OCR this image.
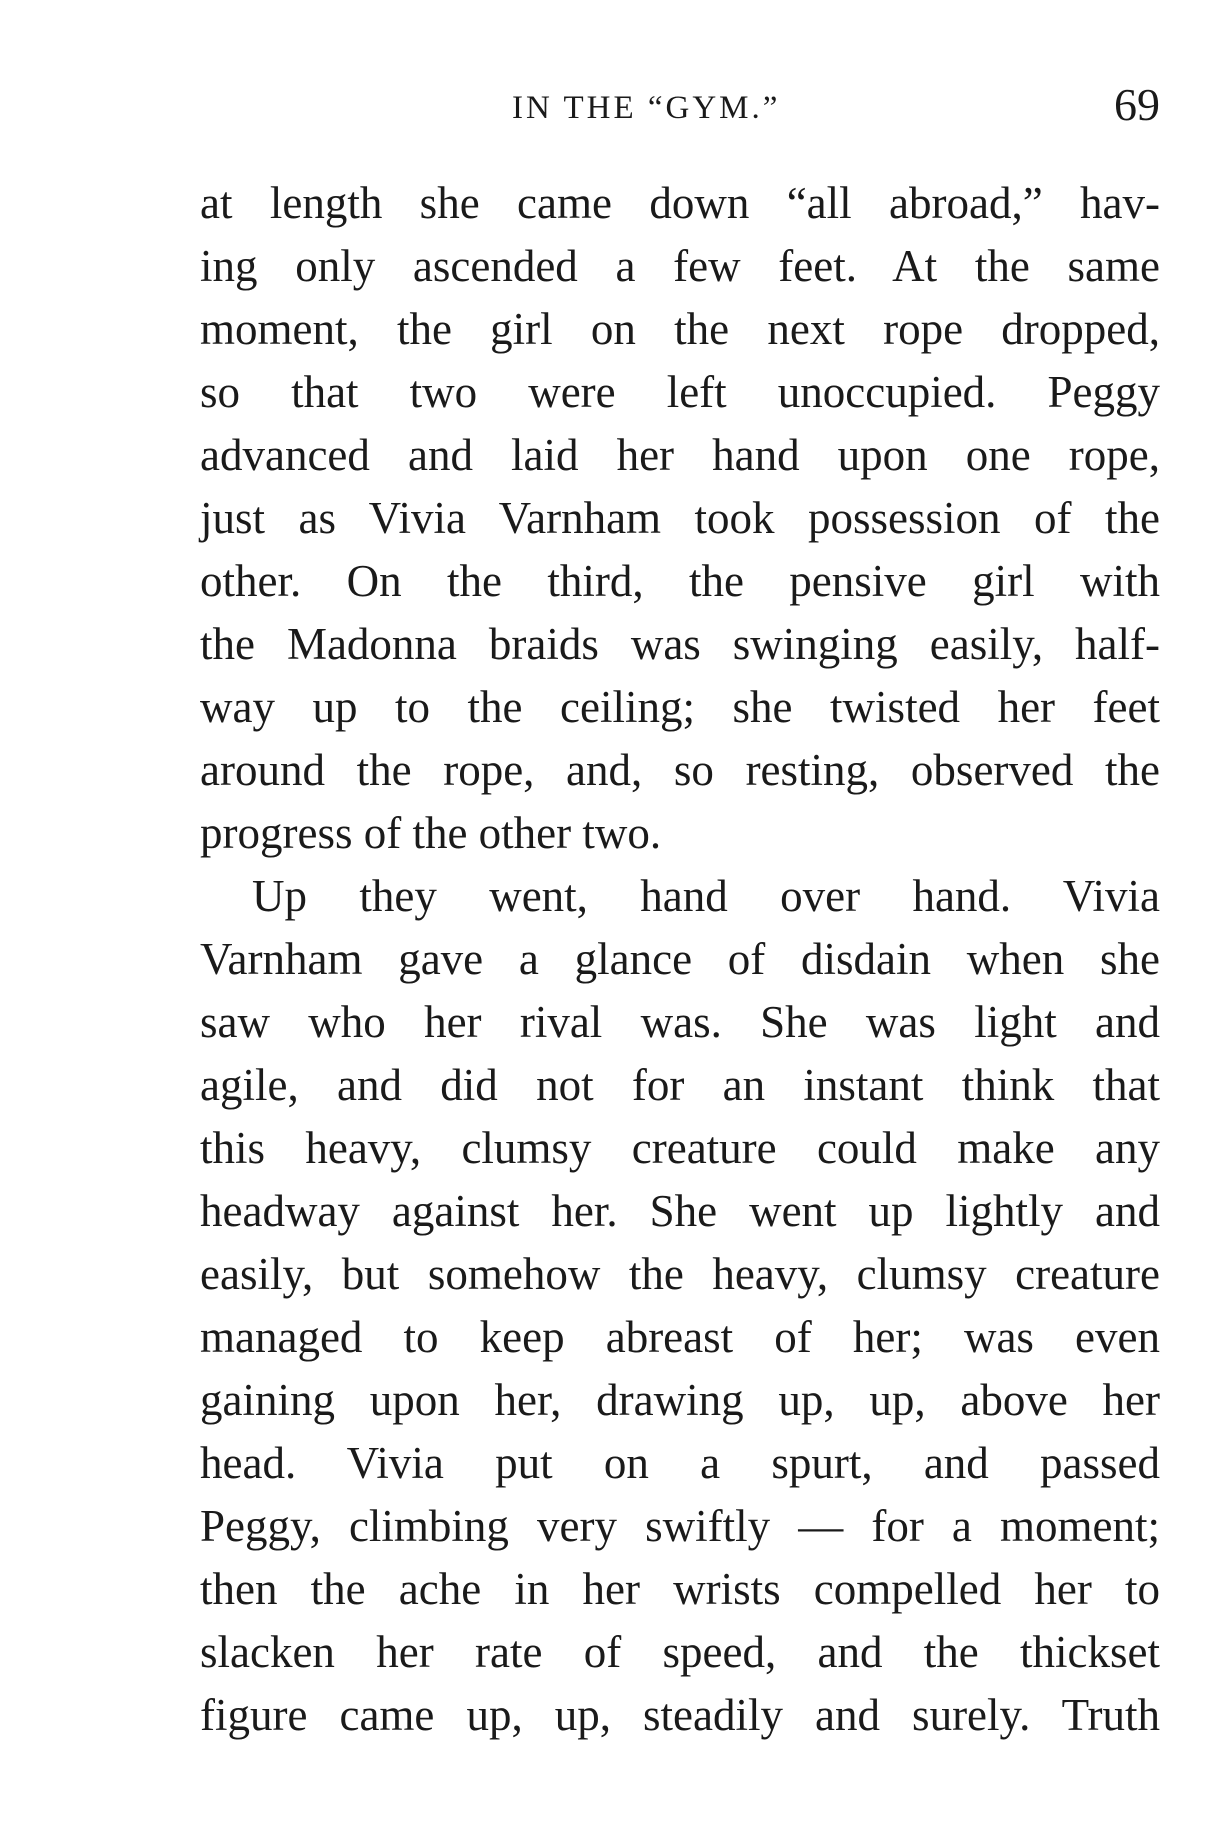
IN THE “GYM.”	69
at length she came down “all abroad,” hav-
ing only ascended a few feet. At the same
moment, the girl on the next rope dropped,
so that two were left unoccupied. Peggy
advanced and laid her hand upon one rope,
just as Vivia Varnham took possession of the
other. On the third, the pensive girl with
the Madonna braids was swinging easily, half-
way up to the ceiling; she twisted her feet
around the rope, and, so resting, observed the
progress of the other two.
Up they went, hand over hand. Vivia
Varnham gave a glance of disdain when she
saw who her rival was. She was light and
agile, and did not for an instant think that
this heavy, clumsy creature could make any
headway against her. She went up lightly and
easily, but somehow the heavy, clumsy creature
managed to keep abreast of her; was even
gaining upon her, drawing up, up, above her
head. Vivia put on a spurt, and passed
Peggy, climbing very swiftly — for a moment;
then the ache in her wrists compelled her to
slacken her rate of speed, and the thickset
figure came up, up, steadily and surely. Truth
